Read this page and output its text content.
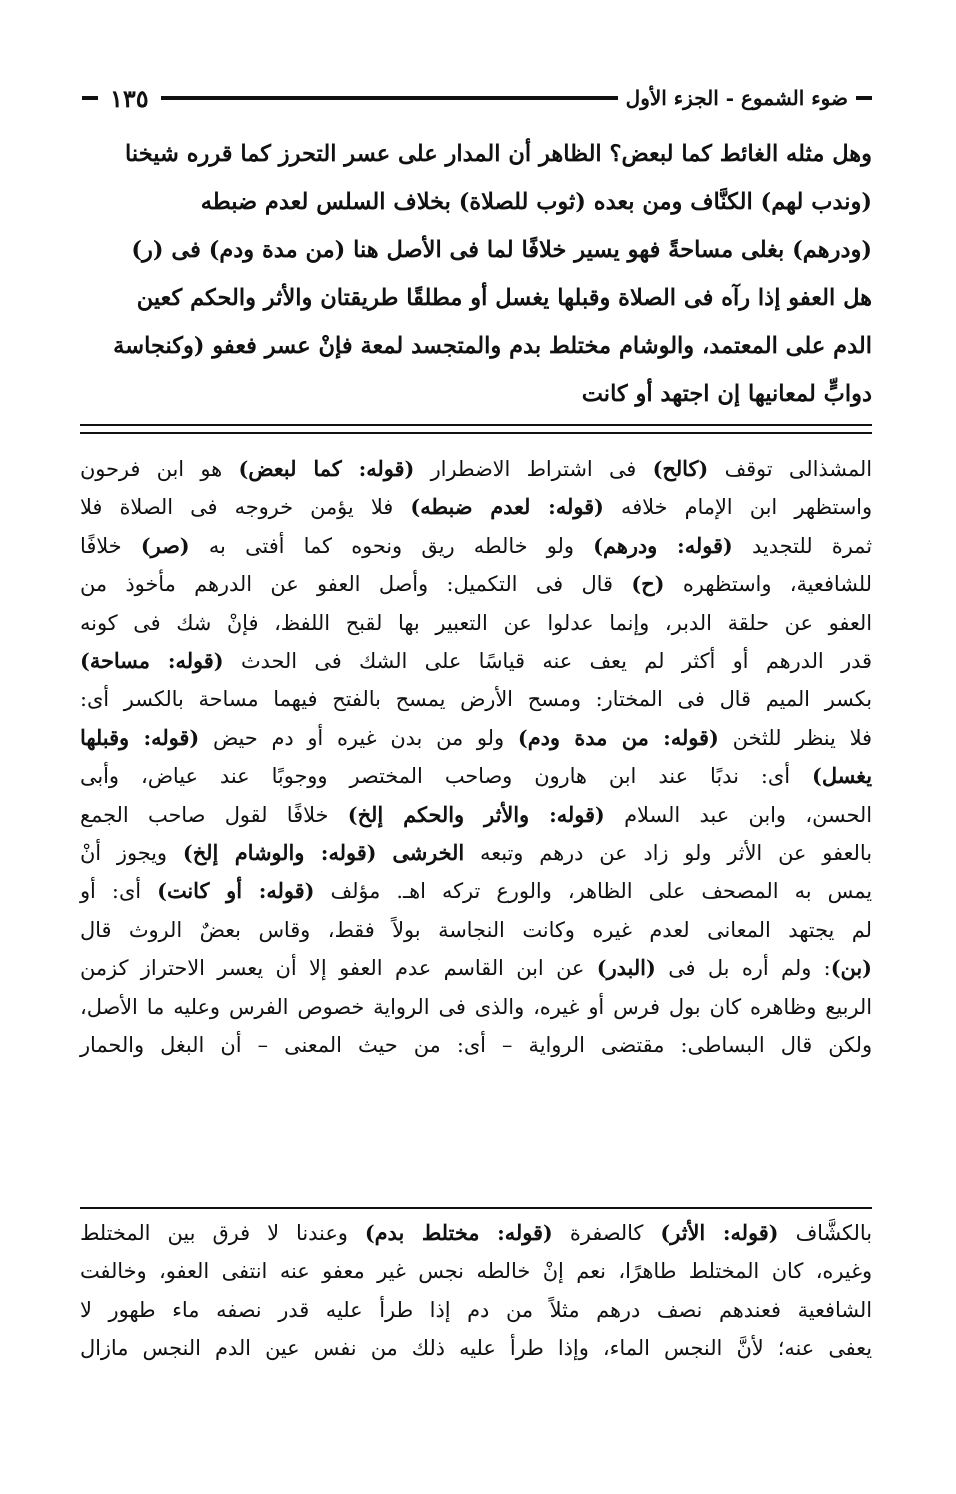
ضوء الشموع - الجزء الأول
١٣٥

وهل مثله الغائط كما لبعض؟ الظاهر أن المدار على عسر التحرز كما قرره شيخنا

(وندب لهم) الكنَّاف ومن بعده (ثوب للصلاة) بخلاف السلس لعدم ضبطه

(ودرهم) بغلى مساحةً فهو يسير خلافًا لما فى الأصل هنا (من مدة ودم) فى (ر)

هل العفو إذا رآه فى الصلاة وقبلها يغسل أو مطلقًا طريقتان والأثر والحكم كعين

الدم على المعتمد، والوشام مختلط بدم والمتجسد لمعة فإنْ عسر فعفو (وكنجاسة

دوابٍّ لمعانيها إن اجتهد أو كانت

المشذالى توقف (كالح) فى اشتراط الاضطرار (قوله: كما لبعض) هو ابن فرحون

واستظهر ابن الإمام خلافه (قوله: لعدم ضبطه) فلا يؤمن خروجه فى الصلاة فلا

ثمرة للتجديد (قوله: ودرهم) ولو خالطه ريق ونحوه كما أفتى به (صر) خلافًا

للشافعية، واستظهره (ح) قال فى التكميل: وأصل العفو عن الدرهم مأخوذ من

العفو عن حلقة الدبر، وإنما عدلوا عن التعبير بها لقبح اللفظ، فإنْ شك فى كونه

قدر الدرهم أو أكثر لم يعف عنه قياسًا على الشك فى الحدث (قوله: مساحة)

بكسر الميم قال فى المختار: ومسح الأرض يمسح بالفتح فيهما مساحة بالكسر أى:

فلا ينظر للثخن (قوله: من مدة ودم) ولو من بدن غيره أو دم حيض (قوله: وقبلها

يغسل) أى: ندبًا عند ابن هارون وصاحب المختصر ووجوبًا عند عياض، وأبى

الحسن، وابن عبد السلام (قوله: والأثر والحكم إلخ) خلافًا لقول صاحب الجمع

بالعفو عن الأثر ولو زاد عن درهم وتبعه الخرشى (قوله: والوشام إلخ) ويجوز أنْ

يمس به المصحف على الظاهر، والورع تركه اهـ. مؤلف (قوله: أو كانت) أى: أو

لم يجتهد المعانى لعدم غيره وكانت النجاسة بولاً فقط، وقاس بعضٌ الروث قال

(بن): ولم أره بل فى (البدر) عن ابن القاسم عدم العفو إلا أن يعسر الاحتراز كزمن

الربيع وظاهره كان بول فرس أو غيره، والذى فى الرواية خصوص الفرس وعليه ما الأصل،

ولكن قال البساطى: مقتضى الرواية – أى: من حيث المعنى – أن البغل والحمار

بالكشَّاف (قوله: الأثر) كالصفرة (قوله: مختلط بدم) وعندنا لا فرق بين المختلط

وغيره، كان المختلط طاهرًا، نعم إنْ خالطه نجس غير معفو عنه انتفى العفو، وخالفت

الشافعية فعندهم نصف درهم مثلاً من دم إذا طرأ عليه قدر نصفه ماء طهور لا

يعفى عنه؛ لأنَّ النجس الماء، وإذا طرأ عليه ذلك من نفس عين الدم النجس مازال
